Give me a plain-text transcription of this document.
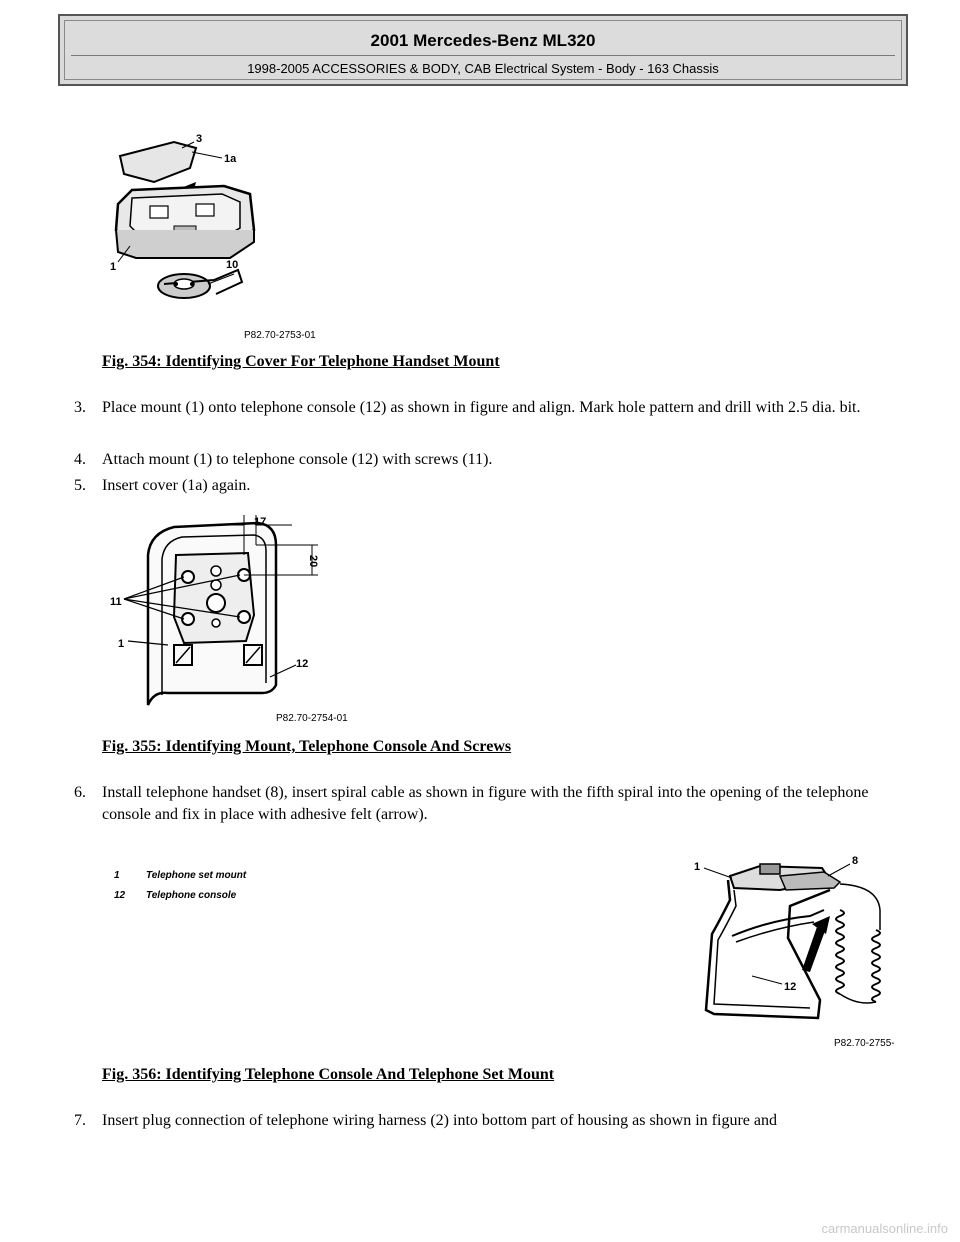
2001 Mercedes-Benz ML320
1998-2005 ACCESSORIES & BODY, CAB Electrical System - Body - 163 Chassis
1a
3
1	10
P82.70-2753-01
Fig. 354: Identifying Cover For Telephone Handset Mount
3. Place mount (1) onto telephone console (12) as shown in figure and align. Mark hole pattern and drill with 2.5 dia. bit.
4. Attach mount (1) to telephone console (12) with screws (11).
5. Insert cover (1a) again.
17
20
11
1
12
P82.70-2754-01
Fig. 355: Identifying Mount, Telephone Console And Screws
6. Install telephone handset (8), insert spiral cable as shown in figure with the fifth spiral into the opening of the telephone console and fix in place with adhesive felt (arrow).
1	Telephone set mount
12 Telephone console
1	8
12
P82.70-2755-
Fig. 356: Identifying Telephone Console And Telephone Set Mount
7. Insert plug connection of telephone wiring harness (2) into bottom part of housing as shown in figure and
carmanualsonline.info
